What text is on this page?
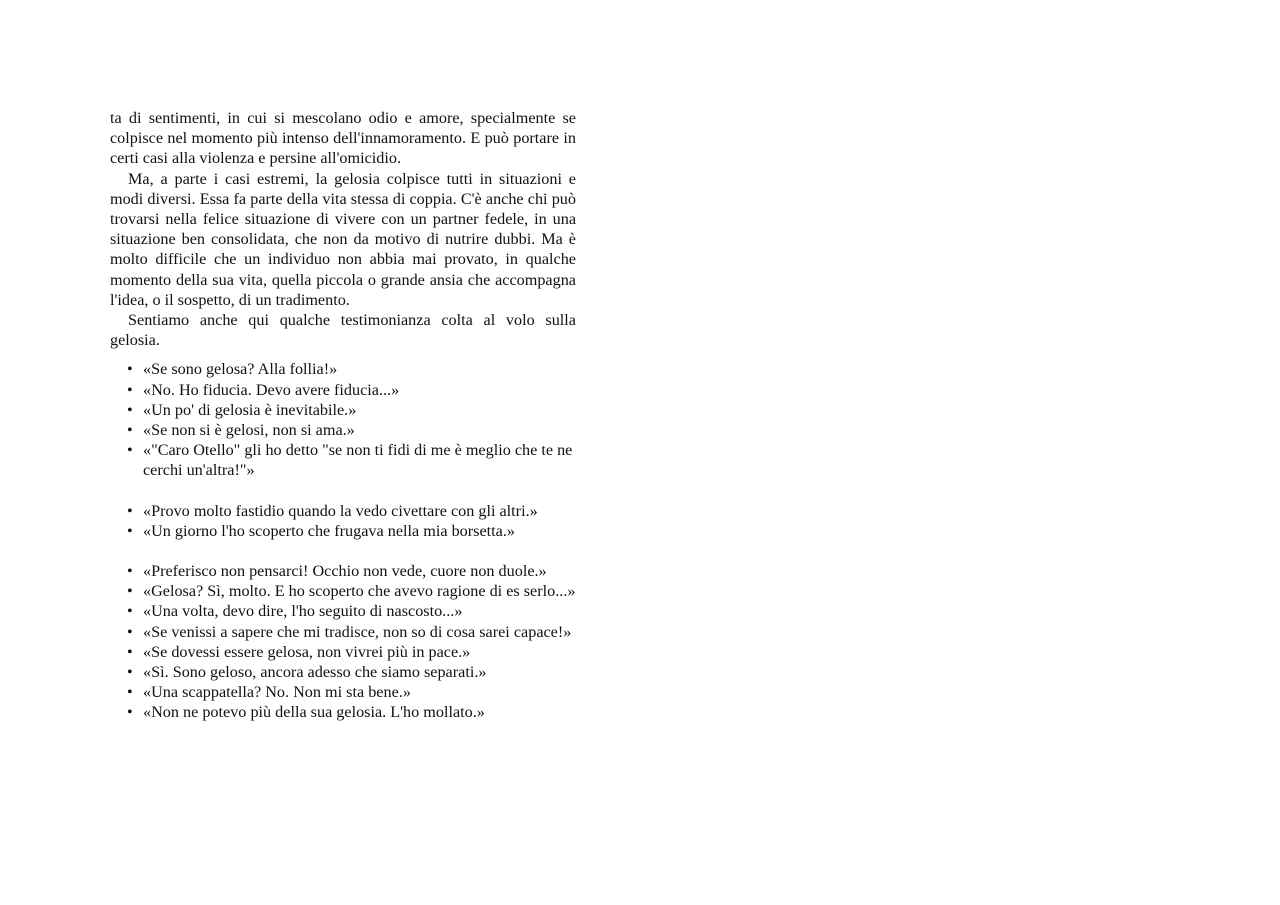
ta di sentimenti, in cui si mescolano odio e amore, specialmente se colpisce nel momento più intenso dell'innamoramento. E può portare in certi casi alla violenza e persine all'omicidio.

Ma, a parte i casi estremi, la gelosia colpisce tutti in situazioni e modi diversi. Essa fa parte della vita stessa di coppia. C'è anche chi può trovarsi nella felice situazione di vivere con un partner fedele, in una situazione ben consolidata, che non da motivo di nutrire dubbi. Ma è molto difficile che un individuo non abbia mai provato, in qualche momento della sua vita, quella piccola o grande ansia che accompagna l'idea, o il sospetto, di un tradimento.

Sentiamo anche qui qualche testimonianza colta al volo sulla gelosia.

• «Se sono gelosa? Alla follia!»
• «No. Ho fiducia. Devo avere fiducia...»
• «Un po' di gelosia è inevitabile.»
• «Se non si è gelosi, non si ama.»
• «"Caro Otello" gli ho detto "se non ti fidi di me è meglio che te ne cerchi un'altra!"»
• «Provo molto fastidio quando la vedo civettare con gli altri.»
• «Un giorno l'ho scoperto che frugava nella mia borsetta.»
• «Preferisco non pensarci! Occhio non vede, cuore non duole.»
• «Gelosa? Sì, molto. E ho scoperto che avevo ragione di es serlo...»
• «Una volta, devo dire, l'ho seguito di nascosto...»
• «Se venissi a sapere che mi tradisce, non so di cosa sarei capace!»
• «Se dovessi essere gelosa, non vivrei più in pace.»
• «Sì. Sono geloso, ancora adesso che siamo separati.»
• «Una scappatella? No. Non mi sta bene.»
• «Non ne potevo più della sua gelosia. L'ho mollato.»
